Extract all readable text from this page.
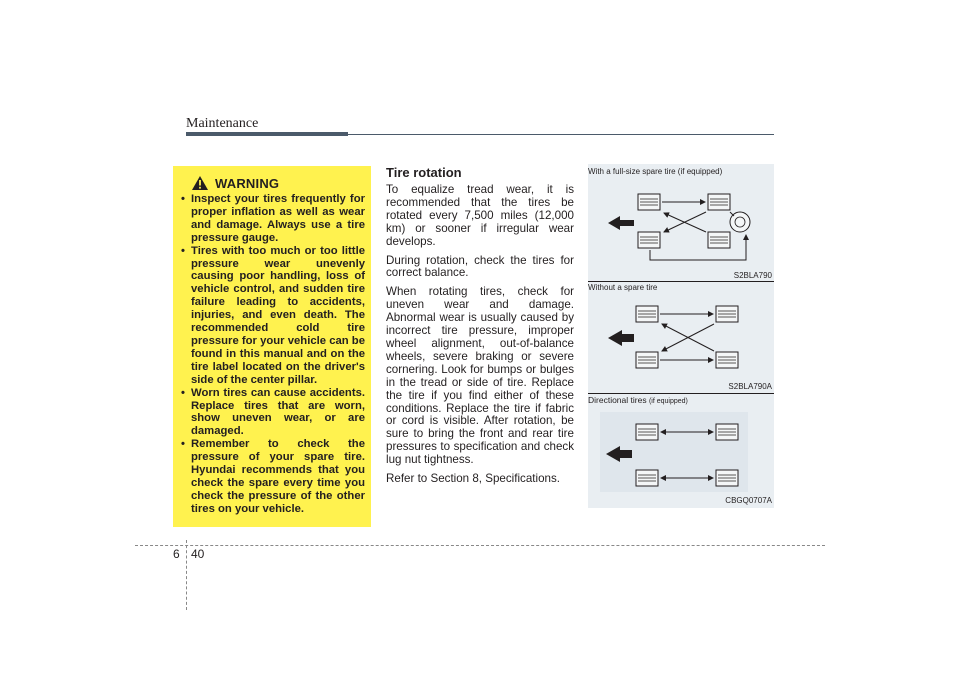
Maintenance
WARNING
• Inspect your tires frequently for proper inflation as well as wear and damage. Always use a tire pressure gauge.
• Tires with too much or too little pressure wear unevenly causing poor handling, loss of vehicle control, and sudden tire failure leading to accidents, injuries, and even death. The recommended cold tire pressure for your vehicle can be found in this manual and on the tire label located on the driver's side of the center pillar.
• Worn tires can cause accidents. Replace tires that are worn, show uneven wear, or are damaged.
• Remember to check the pressure of your spare tire. Hyundai recommends that you check the spare every time you check the pressure of the other tires on your vehicle.
Tire rotation

To equalize tread wear, it is recommended that the tires be rotated every 7,500 miles (12,000 km) or sooner if irregular wear develops.

During rotation, check the tires for correct balance.

When rotating tires, check for uneven wear and damage. Abnormal wear is usually caused by incorrect tire pressure, improper wheel alignment, out-of-balance wheels, severe braking or severe cornering. Look for bumps or bulges in the tread or side of tire. Replace the tire if you find either of these conditions. Replace the tire if fabric or cord is visible. After rotation, be sure to bring the front and rear tire pressures to specification and check lug nut tightness.

Refer to Section 8, Specifications.

With a full-size spare tire (if equipped)
S2BLA790
Without a spare tire
S2BLA790A
Directional tires (if equipped)
CBGQ0707A
6 40
